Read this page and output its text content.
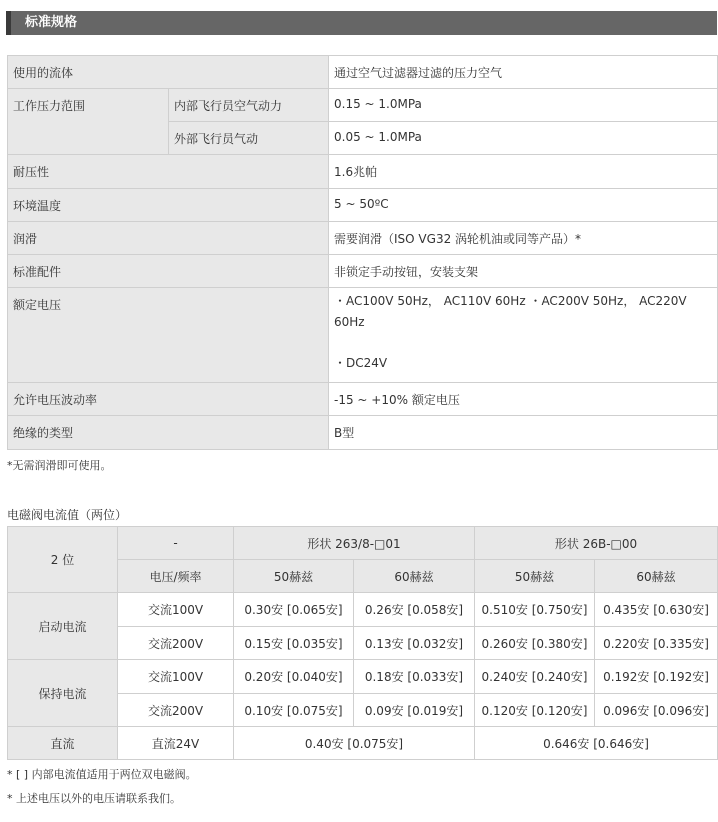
标准规格
使用的流体		通过空气过滤器过滤的压力空气
工作压力范围	内部飞行员空气动力	0.15 ~ 1.0MPa
	外部飞行员气动	0.05 ~ 1.0MPa
耐压性		1.6兆帕
环境温度		5 ~ 50ºC
润滑		需要润滑（ISO VG32 涡轮机油或同等产品）*
标准配件		非锁定手动按钮，安装支架
额定电压		・AC100V 50Hz， AC110V 60Hz ・AC200V 50Hz， AC220V 60Hz
・DC24V

允许电压波动率		-15 ~ +10% 额定电压
绝缘的类型		B型
*无需润滑即可使用。
电磁阀电流值（两位）
2 位	-	形状 263/8-□01		形状 26B-□00	
	电压/频率	50赫兹	60赫兹	50赫兹	60赫兹
启动电流	交流100V	0.30安 [0.065安]	0.26安 [0.058安]	0.510安 [0.750安]	0.435安 [0.630安]
	交流200V	0.15安 [0.035安]	0.13安 [0.032安]	0.260安 [0.380安]	0.220安 [0.335安]
保持电流	交流100V	0.20安 [0.040安]	0.18安 [0.033安]	0.240安 [0.240安]	0.192安 [0.192安]
	交流200V	0.10安 [0.075安]	0.09安 [0.019安]	0.120安 [0.120安]	0.096安 [0.096安]
直流	直流24V	0.40安 [0.075安]		0.646安 [0.646安]	
* [ ] 内部电流值适用于两位双电磁阀。
* 上述电压以外的电压请联系我们。
